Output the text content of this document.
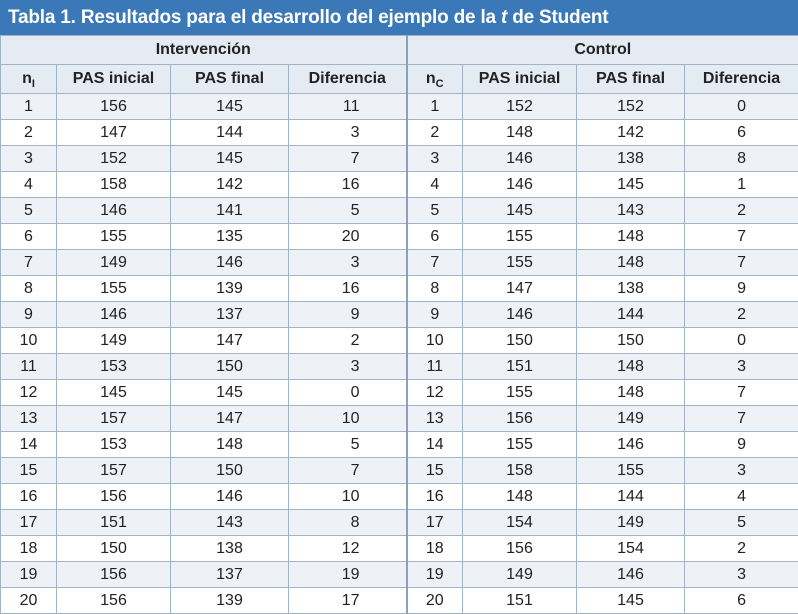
Tabla 1. Resultados para el desarrollo del ejemplo de la t de Student
Intervención				Control			
$n_I$	PAS inicial	PAS final	Diferencia	$n_C$	PAS inicial	PAS final	Diferencia
1	156	145	11	1	152	152	0
2	147	144	3	2	148	142	6
3	152	145	7	3	146	138	8
4	158	142	16	4	146	145	1
5	146	141	5	5	145	143	2
6	155	135	20	6	155	148	7
7	149	146	3	7	155	148	7
8	155	139	16	8	147	138	9
9	146	137	9	9	146	144	2
10	149	147	2	10	150	150	0
11	153	150	3	11	151	148	3
12	145	145	0	12	155	148	7
13	157	147	10	13	156	149	7
14	153	148	5	14	155	146	9
15	157	150	7	15	158	155	3
16	156	146	10	16	148	144	4
17	151	143	8	17	154	149	5
18	150	138	12	18	156	154	2
19	156	137	19	19	149	146	3
20	156	139	17	20	151	145	6
